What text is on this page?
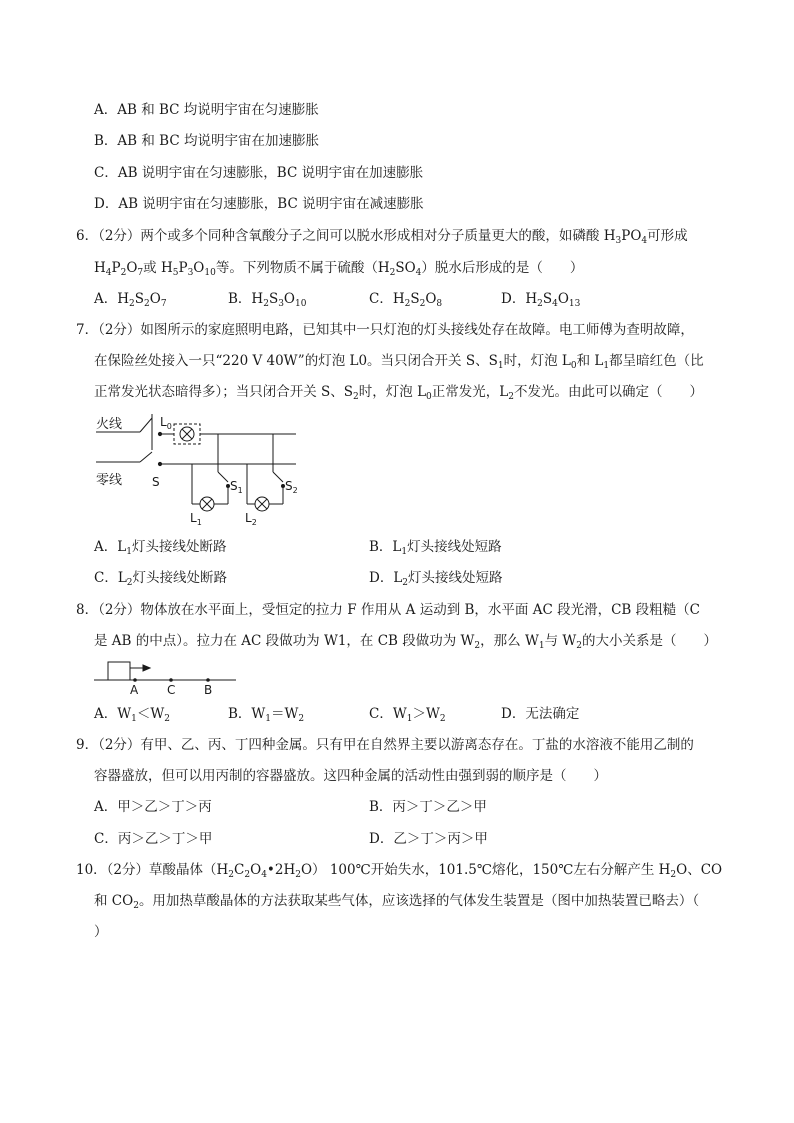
A．AB 和 BC 均说明宇宙在匀速膨胀
B．AB 和 BC 均说明宇宙在加速膨胀
C．AB 说明宇宙在匀速膨胀，BC 说明宇宙在加速膨胀
D．AB 说明宇宙在匀速膨胀，BC 说明宇宙在减速膨胀
6．（2分）两个或多个同种含氧酸分子之间可以脱水形成相对分子质量更大的酸，如磷酸 $H_3PO_4$可形成
$H_4P_2O_7$或 $H_5P_3O_{10}$等。下列物质不属于硫酸$(H_2SO_4)$脱水后形成的是（　　）
A．$H_2S_2O_7$	B．$H_2S_3O_{10}$	C．$H_2S_2O_8$	D．$H_2S_4O_{13}$
7．（2分）如图所示的家庭照明电路，已知其中一只灯泡的灯头接线处存在故障。电工师傅为查明故障，
在保险丝处接入一只“220 V 40W”的灯泡 L0。当只闭合开关 S、$S_1$时，灯泡 $L_0$和 $L_1$都呈暗红色（比
正常发光状态暗得多）；当只闭合开关 S、$S_2$时，灯泡 $L_0$正常发光，$L_2$不发光。由此可以确定（　　）
火线
零线
$L_0$
S	$S_1$	$S_2$
$L_1$	$L_2$
A．$L_1$灯头接线处断路	B．$L_1$灯头接线处短路
C．$L_2$灯头接线处断路	D．$L_2$灯头接线处短路
8．（2分）物体放在水平面上，受恒定的拉力 F 作用从 A 运动到 B，水平面 AC 段光滑，CB 段粗糙（C
是 AB 的中点）。拉力在 AC 段做功为 W1，在 CB 段做功为 $W_2$，那么 $W_1$与 $W_2$的大小关系是（　　）
A C B
A．$W_1<W_2$	B．$W_1=W_2$	C．$W_1>W_2$	D．无法确定
9．（2分）有甲、乙、丙、丁四种金属。只有甲在自然界主要以游离态存在。丁盐的水溶液不能用乙制的
容器盛放，但可以用丙制的容器盛放。这四种金属的活动性由强到弱的顺序是（　　）
A．甲＞乙＞丁＞丙	B．丙＞丁＞乙＞甲
C．丙＞乙＞丁＞甲	D．乙＞丁＞丙＞甲
10．（2分）草酸晶体$(H_2C_2O_4•2H_2O)$ 100℃开始失水，101.5℃熔化，150℃左右分解产生 $H_2O$、CO
和 $CO_2$。用加热草酸晶体的方法获取某些气体，应该选择的气体发生装置是（图中加热装置已略去）（
）
